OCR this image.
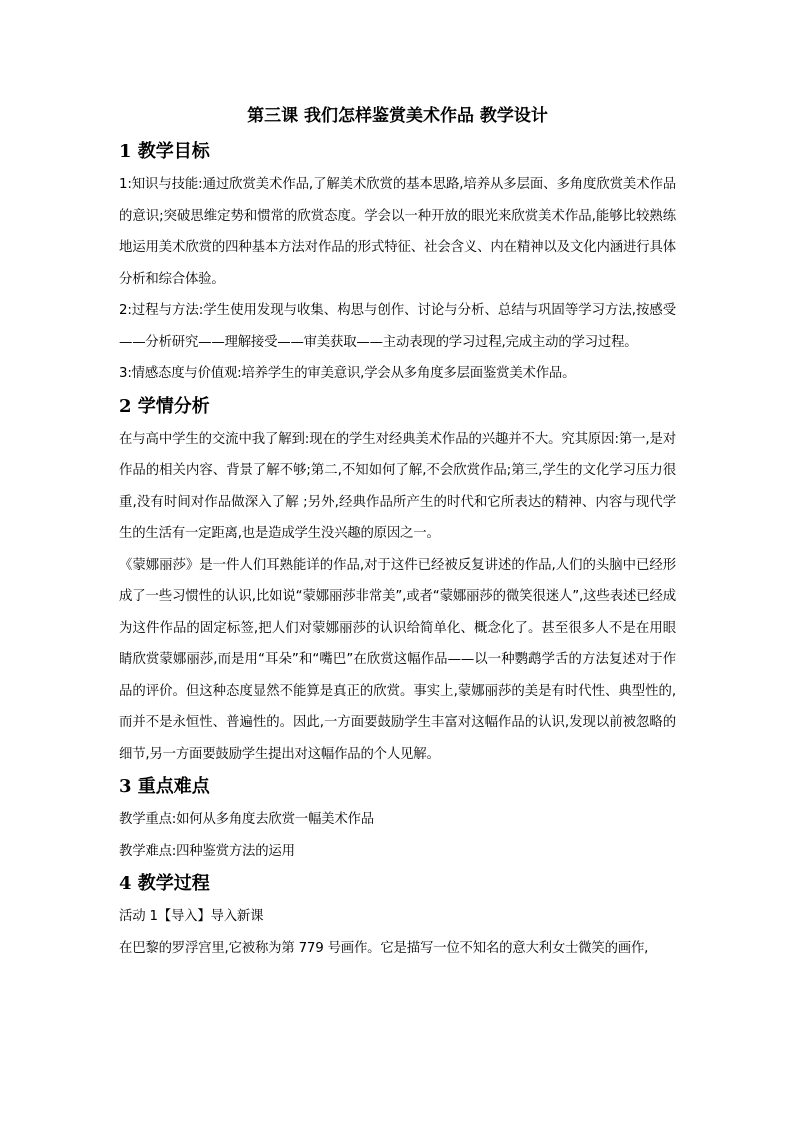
第三课 我们怎样鉴赏美术作品 教学设计
1 教学目标

1:知识与技能:通过欣赏美术作品,了解美术欣赏的基本思路,培养从多层面、多角度欣赏美术作品的意识;突破思维定势和惯常的欣赏态度。学会以一种开放的眼光来欣赏美术作品,能够比较熟练地运用美术欣赏的四种基本方法对作品的形式特征、社会含义、内在精神以及文化内涵进行具体分析和综合体验。

2:过程与方法:学生使用发现与收集、构思与创作、讨论与分析、总结与巩固等学习方法,按感受——分析研究——理解接受——审美获取——主动表现的学习过程,完成主动的学习过程。

3:情感态度与价值观:培养学生的审美意识,学会从多角度多层面鉴赏美术作品。

2 学情分析

在与高中学生的交流中我了解到:现在的学生对经典美术作品的兴趣并不大。究其原因:第一,是对作品的相关内容、背景了解不够;第二,不知如何了解,不会欣赏作品;第三,学生的文化学习压力很重,没有时间对作品做深入了解 ;另外,经典作品所产生的时代和它所表达的精神、内容与现代学生的生活有一定距离,也是造成学生没兴趣的原因之一。

《蒙娜丽莎》是一件人们耳熟能详的作品,对于这件已经被反复讲述的作品,人们的头脑中已经形成了一些习惯性的认识,比如说“蒙娜丽莎非常美”,或者“蒙娜丽莎的微笑很迷人”,这些表述已经成为这件作品的固定标签,把人们对蒙娜丽莎的认识给简单化、概念化了。甚至很多人不是在用眼睛欣赏蒙娜丽莎,而是用“耳朵”和“嘴巴”在欣赏这幅作品——以一种鹦鹉学舌的方法复述对于作品的评价。但这种态度显然不能算是真正的欣赏。事实上,蒙娜丽莎的美是有时代性、典型性的,而并不是永恒性、普遍性的。因此,一方面要鼓励学生丰富对这幅作品的认识,发现以前被忽略的细节,另一方面要鼓励学生提出对这幅作品的个人见解。

3 重点难点

教学重点:如何从多角度去欣赏一幅美术作品

教学难点:四种鉴赏方法的运用

4 教学过程

活动 1【导入】导入新课

在巴黎的罗浮宫里,它被称为第 779 号画作。它是描写一位不知名的意大利女士微笑的画作,
